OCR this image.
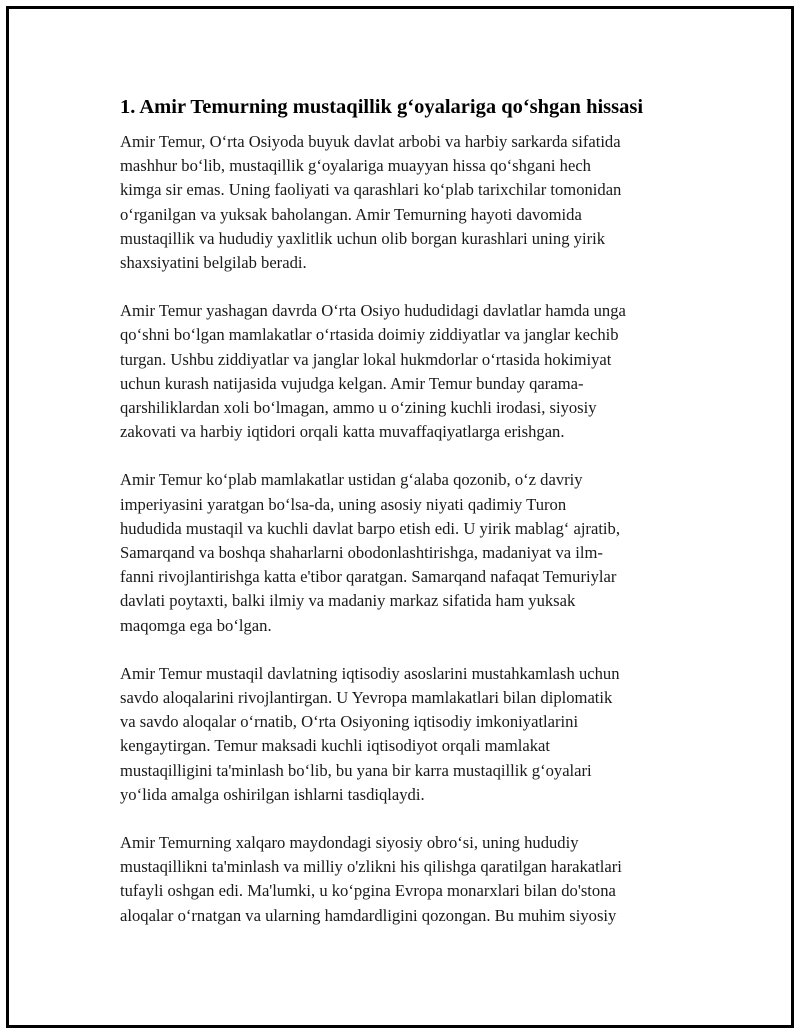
1. Amir Temurning mustaqillik g‘oyalariga qo‘shgan hissasi

Amir Temur, O‘rta Osiyoda buyuk davlat arbobi va harbiy sarkarda sifatida
mashhur bo‘lib, mustaqillik g‘oyalariga muayyan hissa qo‘shgani hech
kimga sir emas. Uning faoliyati va qarashlari ko‘plab tarixchilar tomonidan
o‘rganilgan va yuksak baholangan. Amir Temurning hayoti davomida
mustaqillik va hududiy yaxlitlik uchun olib borgan kurashlari uning yirik
shaxsiyatini belgilab beradi.

Amir Temur yashagan davrda O‘rta Osiyo hududidagi davlatlar hamda unga
qo‘shni bo‘lgan mamlakatlar o‘rtasida doimiy ziddiyatlar va janglar kechib
turgan. Ushbu ziddiyatlar va janglar lokal hukmdorlar o‘rtasida hokimiyat
uchun kurash natijasida vujudga kelgan. Amir Temur bunday qarama-
qarshiliklardan xoli bo‘lmagan, ammo u o‘zining kuchli irodasi, siyosiy
zakovati va harbiy iqtidori orqali katta muvaffaqiyatlarga erishgan.

Amir Temur ko‘plab mamlakatlar ustidan g‘alaba qozonib, o‘z davriy
imperiyasini yaratgan bo‘lsa-da, uning asosiy niyati qadimiy Turon
hududida mustaqil va kuchli davlat barpo etish edi. U yirik mablag‘ ajratib,
Samarqand va boshqa shaharlarni obodonlashtirishga, madaniyat va ilm-
fanni rivojlantirishga katta e'tibor qaratgan. Samarqand nafaqat Temuriylar
davlati poytaxti, balki ilmiy va madaniy markaz sifatida ham yuksak
maqomga ega bo‘lgan.

Amir Temur mustaqil davlatning iqtisodiy asoslarini mustahkamlash uchun
savdo aloqalarini rivojlantirgan. U Yevropa mamlakatlari bilan diplomatik
va savdo aloqalar o‘rnatib, O‘rta Osiyoning iqtisodiy imkoniyatlarini
kengaytirgan. Temur maksadi kuchli iqtisodiyot orqali mamlakat
mustaqilligini ta'minlash bo‘lib, bu yana bir karra mustaqillik g‘oyalari
yo‘lida amalga oshirilgan ishlarni tasdiqlaydi.

Amir Temurning xalqaro maydondagi siyosiy obro‘si, uning hududiy
mustaqillikni ta'minlash va milliy o'zlikni his qilishga qaratilgan harakatlari
tufayli oshgan edi. Ma'lumki, u ko‘pgina Evropa monarxlari bilan do'stona
aloqalar o‘rnatgan va ularning hamdardligini qozongan. Bu muhim siyosiy
